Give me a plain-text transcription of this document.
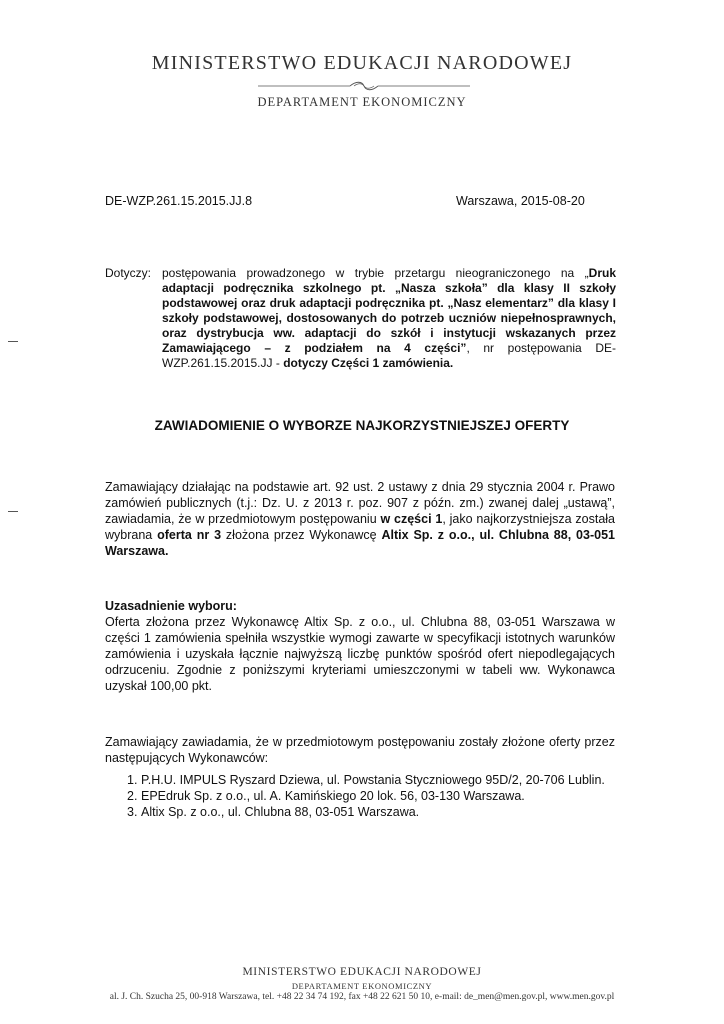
MINISTERSTWO EDUKACJI NARODOWEJ
DEPARTAMENT EKONOMICZNY
DE-WZP.261.15.2015.JJ.8	Warszawa, 2015-08-20
Dotyczy: postępowania prowadzonego w trybie przetargu nieograniczonego na „Druk adaptacji podręcznika szkolnego pt. „Nasza szkoła” dla klasy II szkoły podstawowej oraz druk adaptacji podręcznika pt. „Nasz elementarz” dla klasy I szkoły podstawowej, dostosowanych do potrzeb uczniów niepełnosprawnych, oraz dystrybucja ww. adaptacji do szkół i instytucji wskazanych przez Zamawiającego – z podziałem na 4 części”, nr postępowania DE-WZP.261.15.2015.JJ - dotyczy Części 1 zamówienia.
ZAWIADOMIENIE O WYBORZE NAJKORZYSTNIEJSZEJ OFERTY
Zamawiający działając na podstawie art. 92 ust. 2 ustawy z dnia 29 stycznia 2004 r. Prawo zamówień publicznych (t.j.: Dz. U. z 2013 r. poz. 907 z późn. zm.) zwanej dalej „ustawą”, zawiadamia, że w przedmiotowym postępowaniu w części 1, jako najkorzystniejsza została wybrana oferta nr 3 złożona przez Wykonawcę Altix Sp. z o.o., ul. Chlubna 88, 03-051 Warszawa.
Uzasadnienie wyboru:
Oferta złożona przez Wykonawcę Altix Sp. z o.o., ul. Chlubna 88, 03-051 Warszawa w części 1 zamówienia spełniła wszystkie wymogi zawarte w specyfikacji istotnych warunków zamówienia i uzyskała łącznie najwyższą liczbę punktów spośród ofert niepodlegających odrzuceniu. Zgodnie z poniższymi kryteriami umieszczonymi w tabeli ww. Wykonawca uzyskał 100,00 pkt.
Zamawiający zawiadamia, że w przedmiotowym postępowaniu zostały złożone oferty przez następujących Wykonawców:
1. P.H.U. IMPULS Ryszard Dziewa, ul. Powstania Styczniowego 95D/2, 20-706 Lublin.
2. EPEdruk Sp. z o.o., ul. A. Kamińskiego 20 lok. 56, 03-130 Warszawa.
3. Altix Sp. z o.o., ul. Chlubna 88, 03-051 Warszawa.
MINISTERSTWO EDUKACJI NARODOWEJ
DEPARTAMENT EKONOMICZNY
al. J. Ch. Szucha 25, 00-918 Warszawa, tel. +48 22 34 74 192, fax +48 22 621 50 10, e-mail: de_men@men.gov.pl, www.men.gov.pl
